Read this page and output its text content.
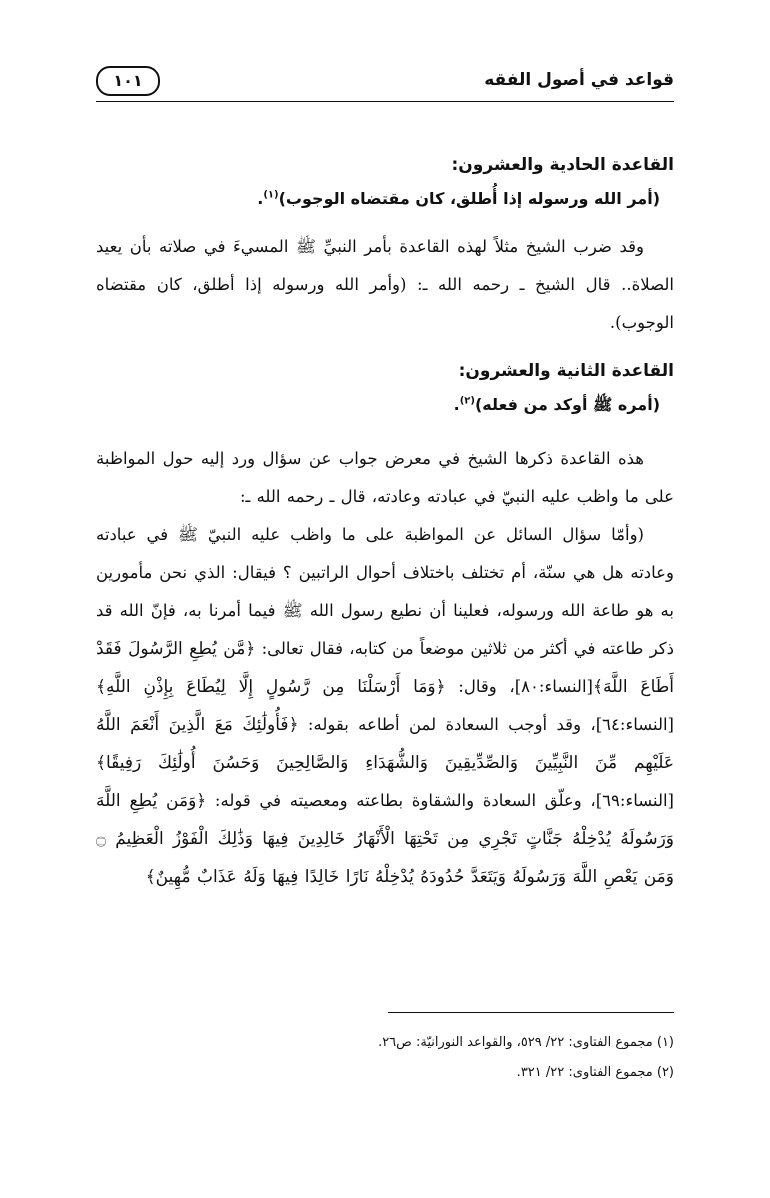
قواعد في أصول الفقه
١٠١
القاعدة الحادية والعشرون:

(أمر الله ورسوله إذا أُطلق، كان مقتضاه الوجوب)$^{(١)}$.

وقد ضرب الشيخ مثلاً لهذه القاعدة بأمر النبيِّ ﷺ المسيءَ في صلاته بأن يعيد الصلاة.. قال الشيخ ـ رحمه الله ـ: (وأمر الله ورسوله إذا أطلق، كان مقتضاه الوجوب).

القاعدة الثانية والعشرون:

(أمره ﷺ أوكد من فعله)$^{(٢)}$.

هذه القاعدة ذكرها الشيخ في معرض جواب عن سؤال ورد إليه حول المواظبة على ما واظب عليه النبيّ في عبادته وعادته، قال ـ رحمه الله ـ:

(وأمّا سؤال السائل عن المواظبة على ما واظب عليه النبيّ ﷺ في عبادته وعادته هل هي سنّة، أم تختلف باختلاف أحوال الراتبين ؟ فيقال: الذي نحن مأمورين به هو طاعة الله ورسوله، فعلينا أن نطيع رسول الله ﷺ فيما أمرنا به، فإنّ الله قد ذكر طاعته في أكثر من ثلاثين موضعاً من كتابه، فقال تعالى: ﴿مَّن يُطِعِ الرَّسُولَ فَقَدْ أَطَاعَ اللَّهَ﴾[النساء:٨٠]، وقال: ﴿وَمَا أَرْسَلْنَا مِن رَّسُولٍ إِلَّا لِيُطَاعَ بِإِذْنِ اللَّهِ﴾ [النساء:٦٤]، وقد أوجب السعادة لمن أطاعه بقوله: ﴿فَأُولَٰئِكَ مَعَ الَّذِينَ أَنْعَمَ اللَّهُ عَلَيْهِم مِّنَ النَّبِيِّينَ وَالصِّدِّيقِينَ وَالشُّهَدَاءِ وَالصَّالِحِينَ وَحَسُنَ أُولَٰئِكَ رَفِيقًا﴾ [النساء:٦٩]، وعلّق السعادة والشقاوة بطاعته ومعصيته في قوله: ﴿وَمَن يُطِعِ اللَّهَ وَرَسُولَهُ يُدْخِلْهُ جَنَّاتٍ تَجْرِي مِن تَحْتِهَا الْأَنْهَارُ خَالِدِينَ فِيهَا وَذَٰلِكَ الْفَوْزُ الْعَظِيمُ ۝ وَمَن يَعْصِ اللَّهَ وَرَسُولَهُ وَيَتَعَدَّ حُدُودَهُ يُدْخِلْهُ نَارًا خَالِدًا فِيهَا وَلَهُ عَذَابٌ مُّهِينٌ﴾

(١) مجموع الفتاوى: ٢٢/ ٥٢٩، والقواعد النورانيّة: ص٢٦.

(٢) مجموع الفتاوى: ٢٢/ ٣٢١.
